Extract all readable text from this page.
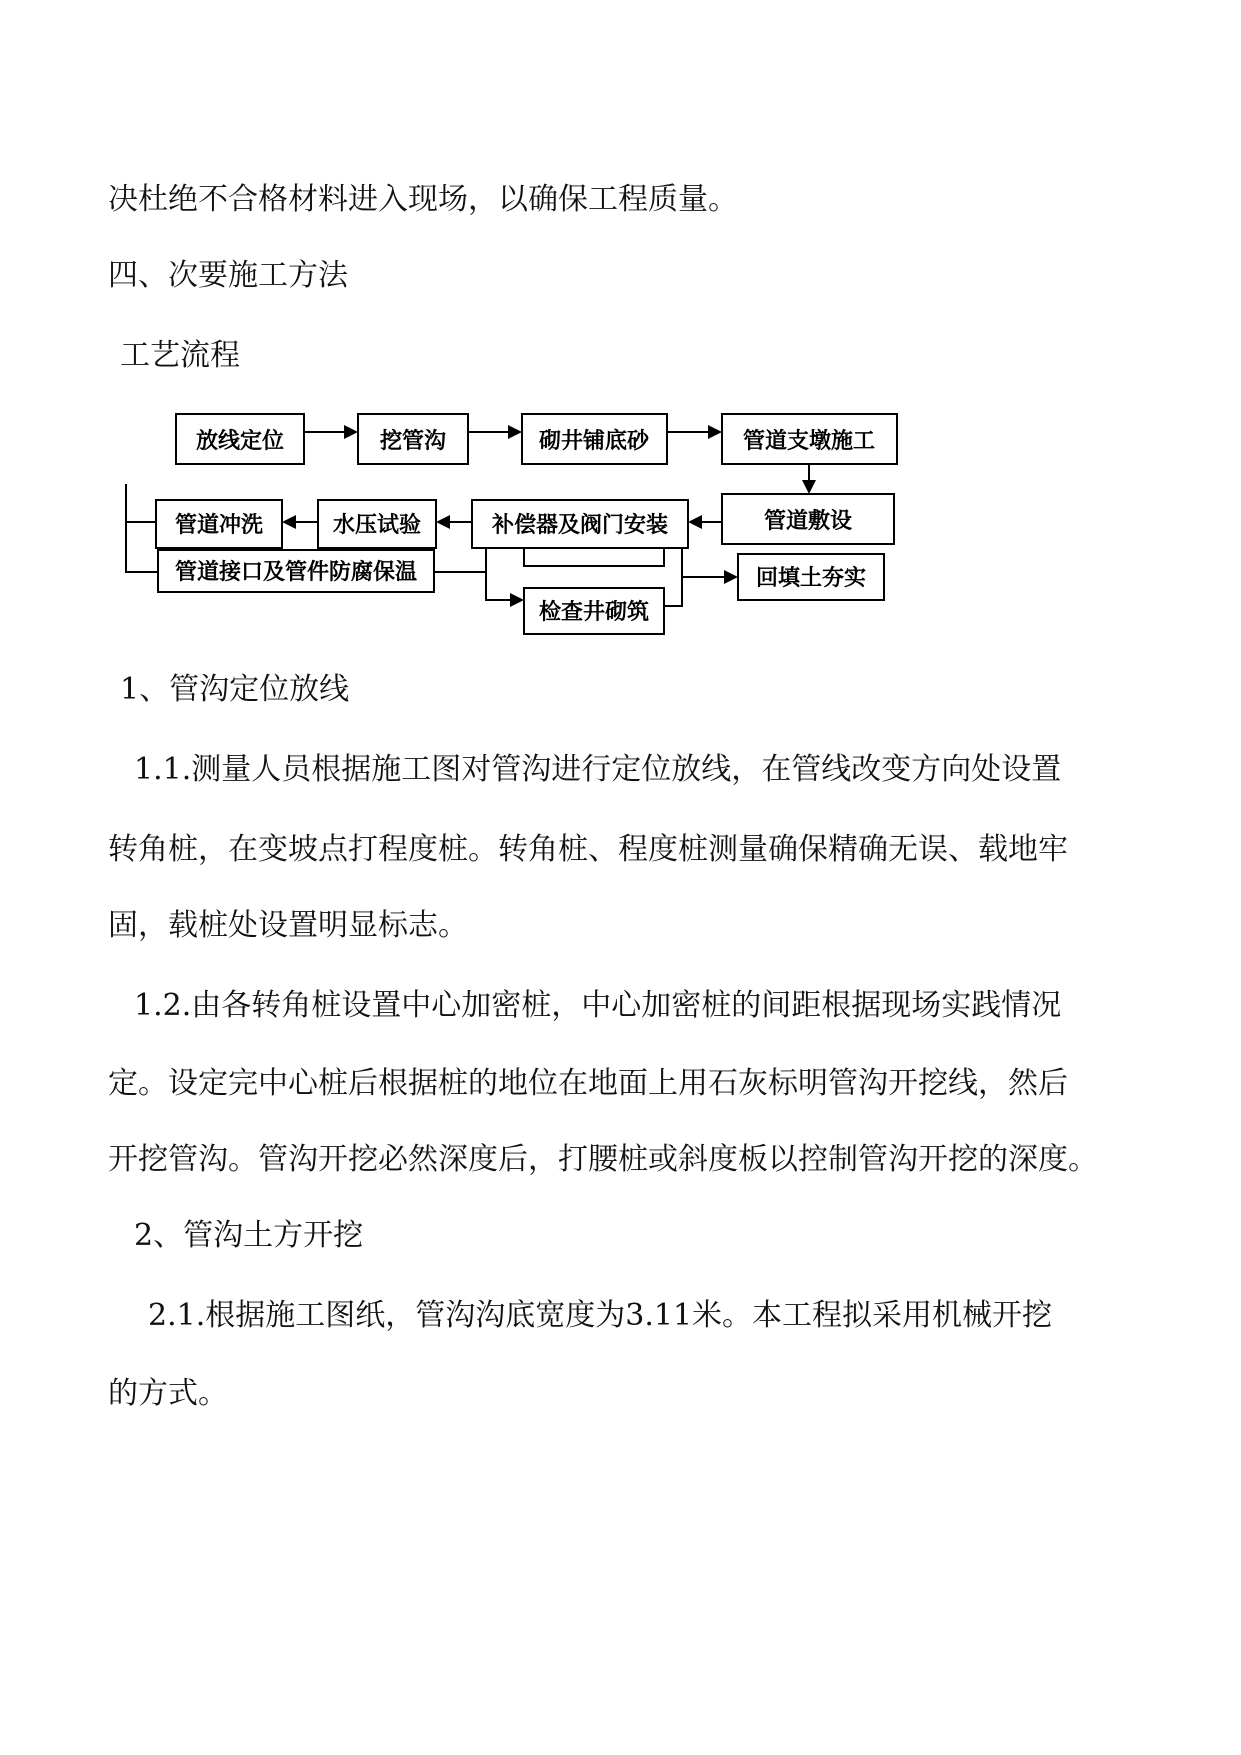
决杜绝不合格材料进入现场，以确保工程质量。
四、次要施工方法
工艺流程
放线定位	挖管沟	砌井铺底砂	管道支墩施工
管道敷设
补偿器及阀门安装
水压试验
管道冲洗
管道接口及管件防腐保温	回填土夯实
检查井砌筑
1、管沟定位放线
1.1.测量人员根据施工图对管沟进行定位放线，在管线改变方向处设置
转角桩，在变坡点打程度桩。转角桩、程度桩测量确保精确无误、载地牢
固，载桩处设置明显标志。
1.2.由各转角桩设置中心加密桩，中心加密桩的间距根据现场实践情况
定。设定完中心桩后根据桩的地位在地面上用石灰标明管沟开挖线，然后
开挖管沟。管沟开挖必然深度后，打腰桩或斜度板以控制管沟开挖的深度。
2、管沟土方开挖
2.1.根据施工图纸，管沟沟底宽度为3.11米。本工程拟采用机械开挖
的方式。
